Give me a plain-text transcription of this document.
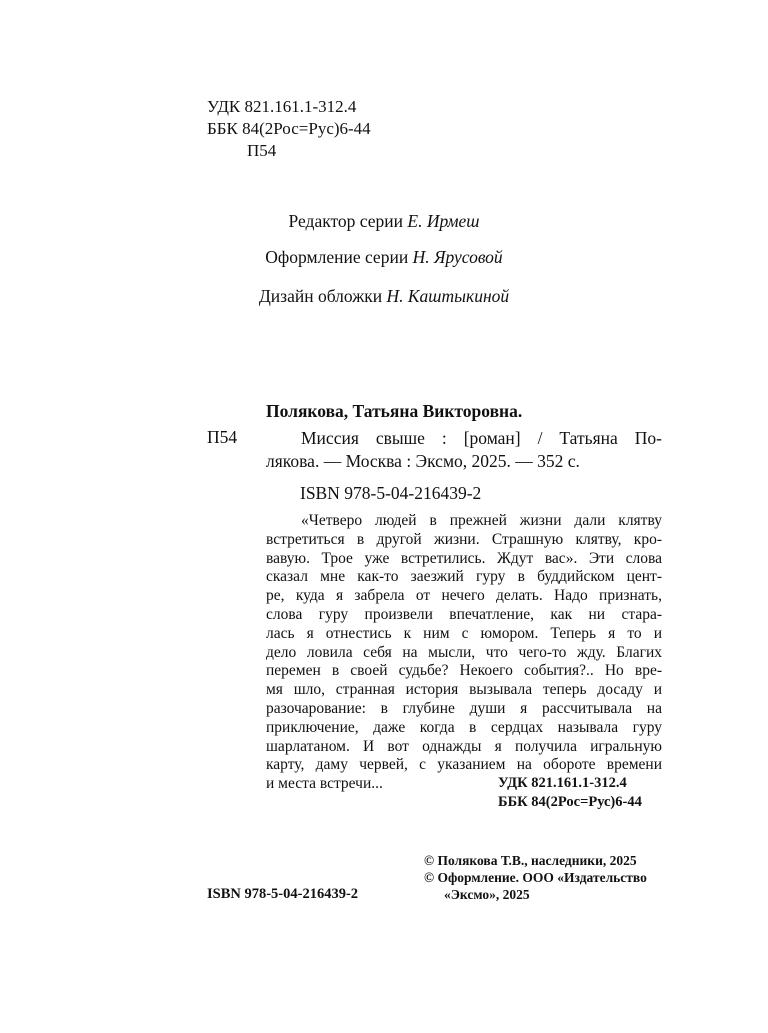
УДК 821.161.1-312.4
ББК 84(2Рос=Рус)6-44
П54
Редактор серии Е. Ирмеш
Оформление серии Н. Ярусовой
Дизайн обложки Н. Каштыкиной
Полякова, Татьяна Викторовна.
П54	Миссия свыше : [роман] / Татьяна По-
лякова. — Москва : Эксмо, 2025. — 352 с.
ISBN 978-5-04-216439-2
«Четверо людей в прежней жизни дали клятву
встретиться в другой жизни. Страшную клятву, кро-
вавую. Трое уже встретились. Ждут вас». Эти слова
сказал мне как-то заезжий гуру в буддийском цент-
ре, куда я забрела от нечего делать. Надо признать,
слова гуру произвели впечатление, как ни стара-
лась я отнестись к ним с юмором. Теперь я то и
дело ловила себя на мысли, что чего-то жду. Благих
перемен в своей судьбе? Некоего события?.. Но вре-
мя шло, странная история вызывала теперь досаду и
разочарование: в глубине души я рассчитывала на
приключение, даже когда в сердцах называла гуру
шарлатаном. И вот однажды я получила игральную
карту, даму червей, с указанием на обороте времени
и места встречи...	УДК 821.161.1-312.4
ББК 84(2Рос=Рус)6-44
© Полякова Т.В., наследники, 2025
© Оформление. ООО «Издательство
«Эксмо», 2025
ISBN 978-5-04-216439-2
